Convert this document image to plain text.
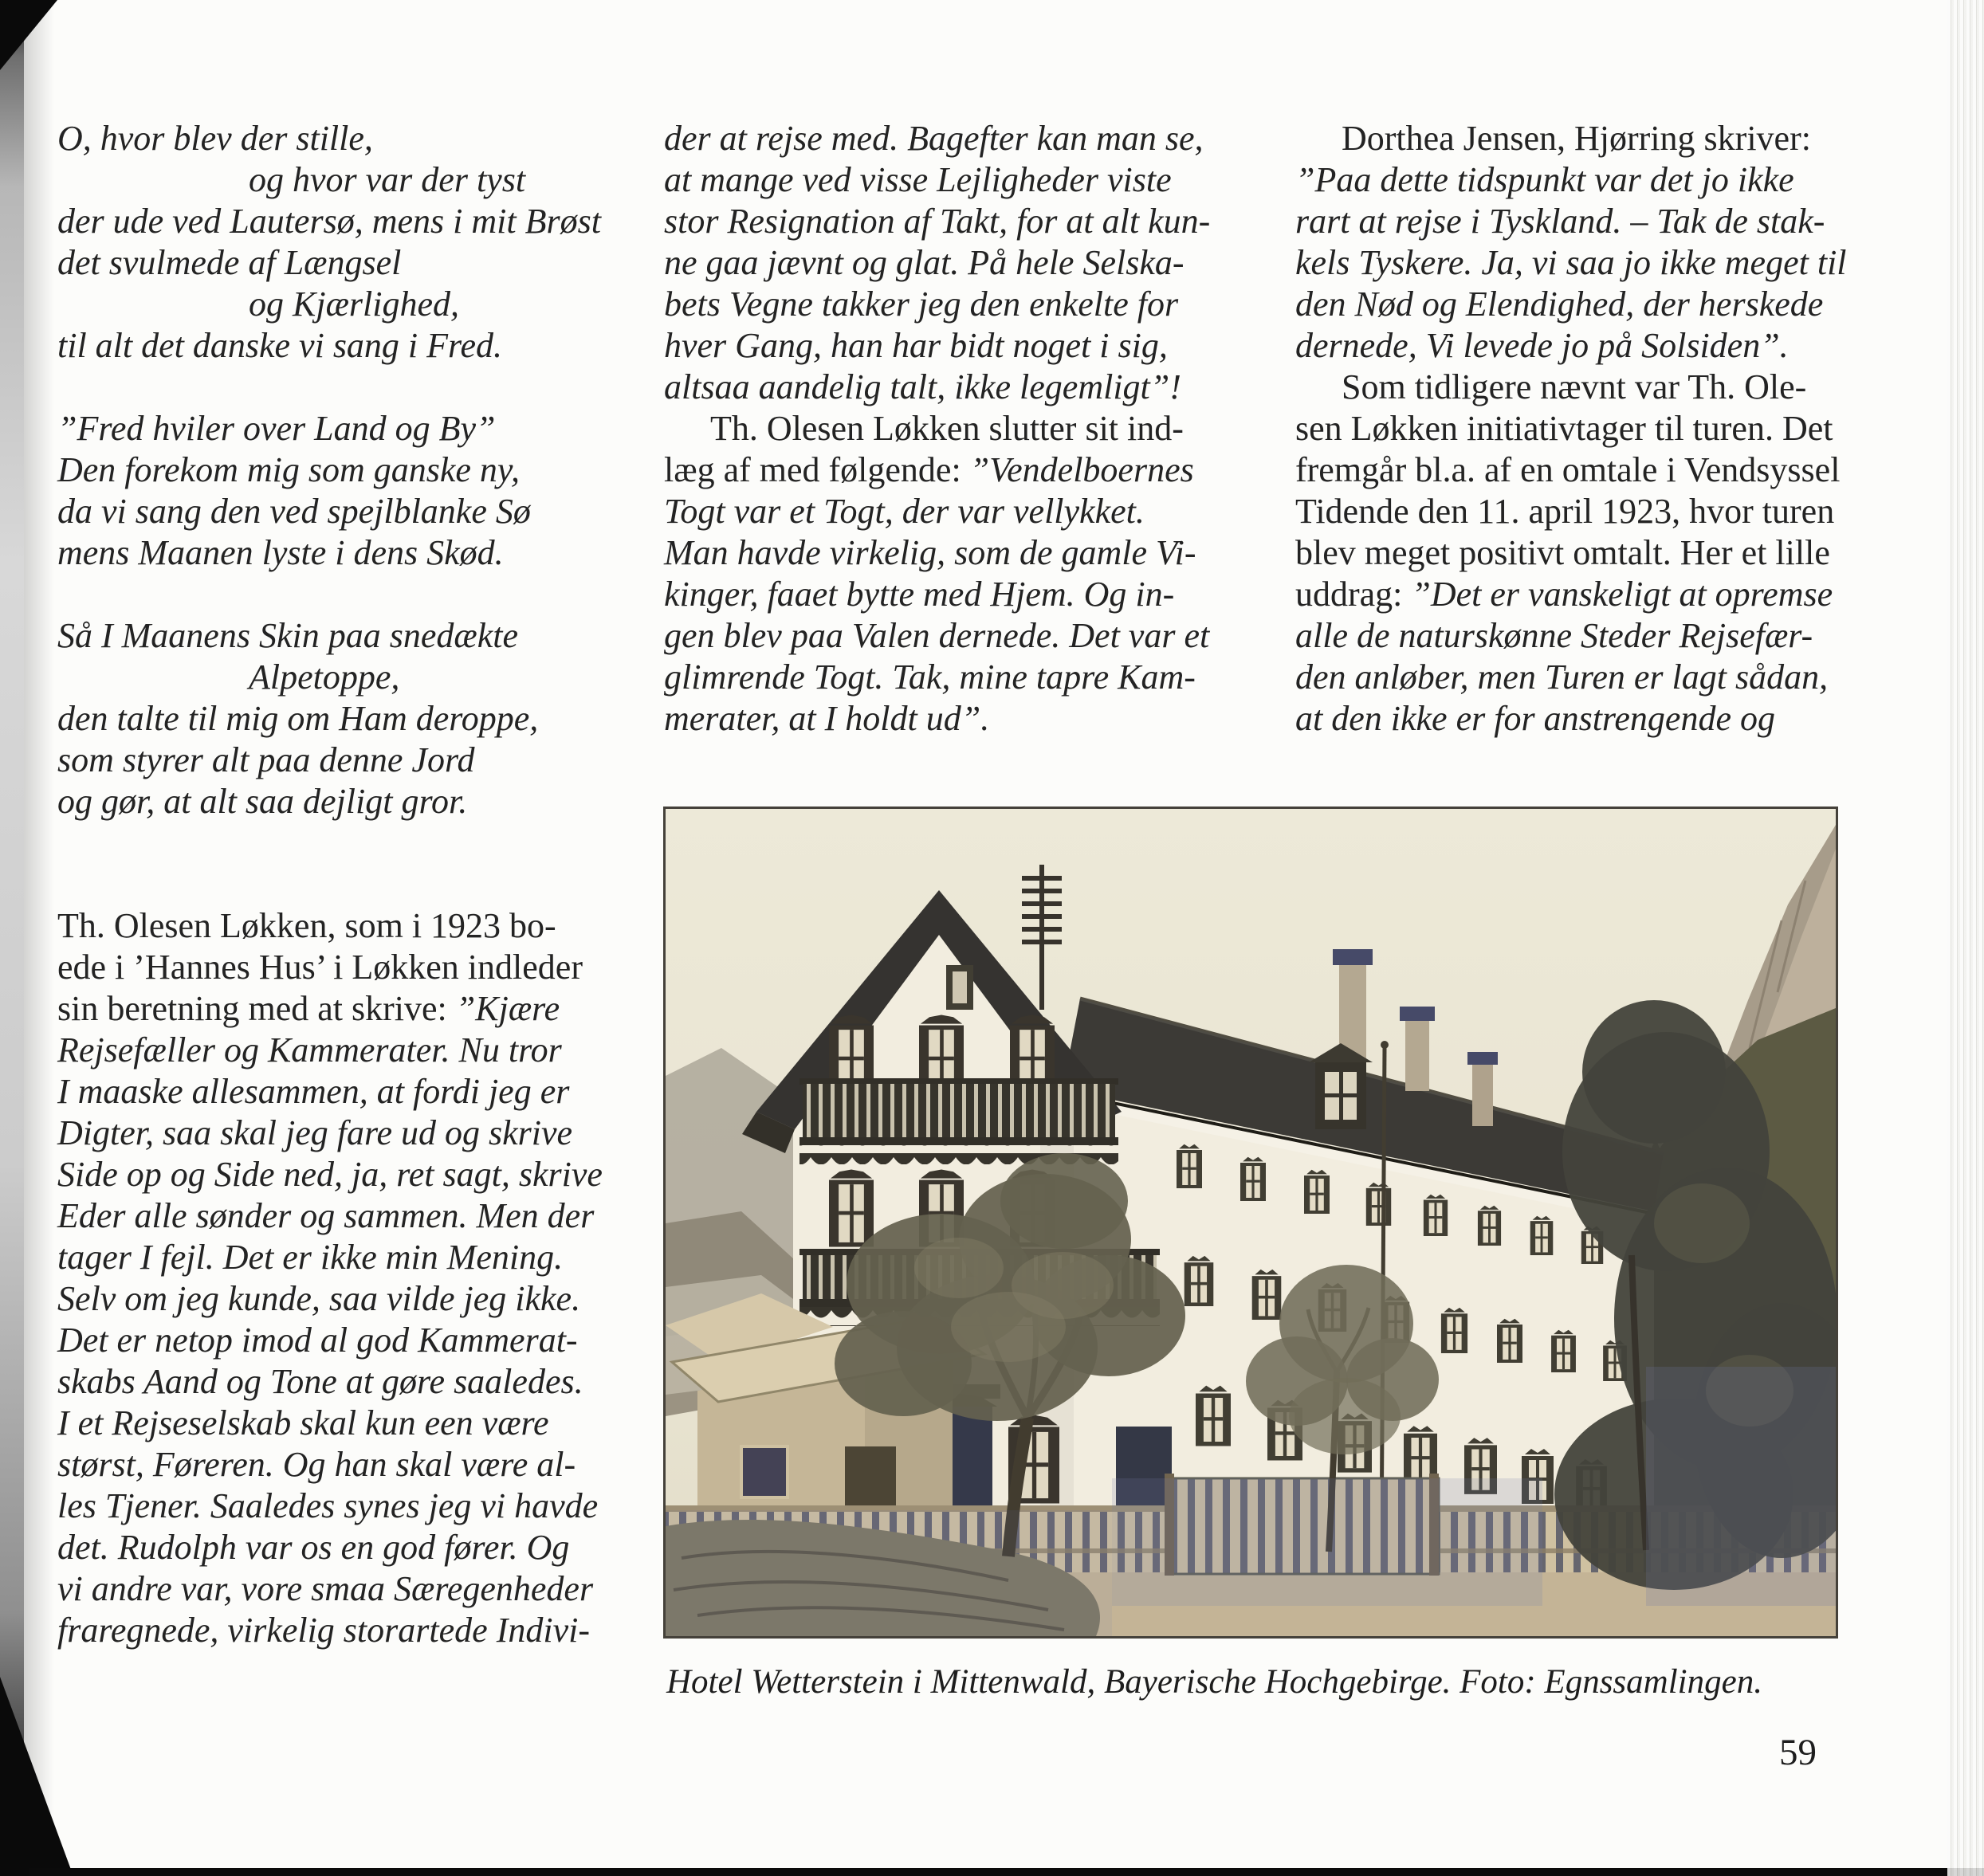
O, hvor blev der stille,
og hvor var der tyst
der ude ved Lautersø, mens i mit Brøst
det svulmede af Længsel
og Kjærlighed,
til alt det danske vi sang i Fred.

”Fred hviler over Land og By”
Den forekom mig som ganske ny,
da vi sang den ved spejlblanke Sø
mens Maanen lyste i dens Skød.

Så I Maanens Skin paa snedækte
Alpetoppe,
den talte til mig om Ham deroppe,
som styrer alt paa denne Jord
og gør, at alt saa dejligt gror.

Th. Olesen Løkken, som i 1923 bo-
ede i ’Hannes Hus’ i Løkken indleder
sin beretning med at skrive: ”Kjære
Rejsefæller og Kammerater. Nu tror
I maaske allesammen, at fordi jeg er
Digter, saa skal jeg fare ud og skrive
Side op og Side ned, ja, ret sagt, skrive
Eder alle sønder og sammen. Men der
tager I fejl. Det er ikke min Mening.
Selv om jeg kunde, saa vilde jeg ikke.
Det er netop imod al god Kammerat-
skabs Aand og Tone at gøre saaledes.
I et Rejseselskab skal kun een være
størst, Føreren. Og han skal være al-
les Tjener. Saaledes synes jeg vi havde
det. Rudolph var os en god fører. Og
vi andre var, vore smaa Særegenheder
fraregnede, virkelig storartede Indivi-
der at rejse med. Bagefter kan man se,
at mange ved visse Lejligheder viste
stor Resignation af Takt, for at alt kun-
ne gaa jævnt og glat. På hele Selska-
bets Vegne takker jeg den enkelte for
hver Gang, han har bidt noget i sig,
altsaa aandelig talt, ikke legemligt”!
Th. Olesen Løkken slutter sit ind-
læg af med følgende: ”Vendelboernes
Togt var et Togt, der var vellykket.
Man havde virkelig, som de gamle Vi-
kinger, faaet bytte med Hjem. Og in-
gen blev paa Valen dernede. Det var et
glimrende Togt. Tak, mine tapre Kam-
merater, at I holdt ud”.
Dorthea Jensen, Hjørring skriver:
”Paa dette tidspunkt var det jo ikke
rart at rejse i Tyskland. – Tak de stak-
kels Tyskere. Ja, vi saa jo ikke meget til
den Nød og Elendighed, der herskede
dernede, Vi levede jo på Solsiden”.
Som tidligere nævnt var Th. Ole-
sen Løkken initiativtager til turen. Det
fremgår bl.a. af en omtale i Vendsyssel
Tidende den 11. april 1923, hvor turen
blev meget positivt omtalt. Her et lille
uddrag: ”Det er vanskeligt at opremse
alle de naturskønne Steder Rejsefær-
den anløber, men Turen er lagt sådan,
at den ikke er for anstrengende og
Hotel Wetterstein i Mittenwald, Bayerische Hochgebirge. Foto: Egnssamlingen.
59
